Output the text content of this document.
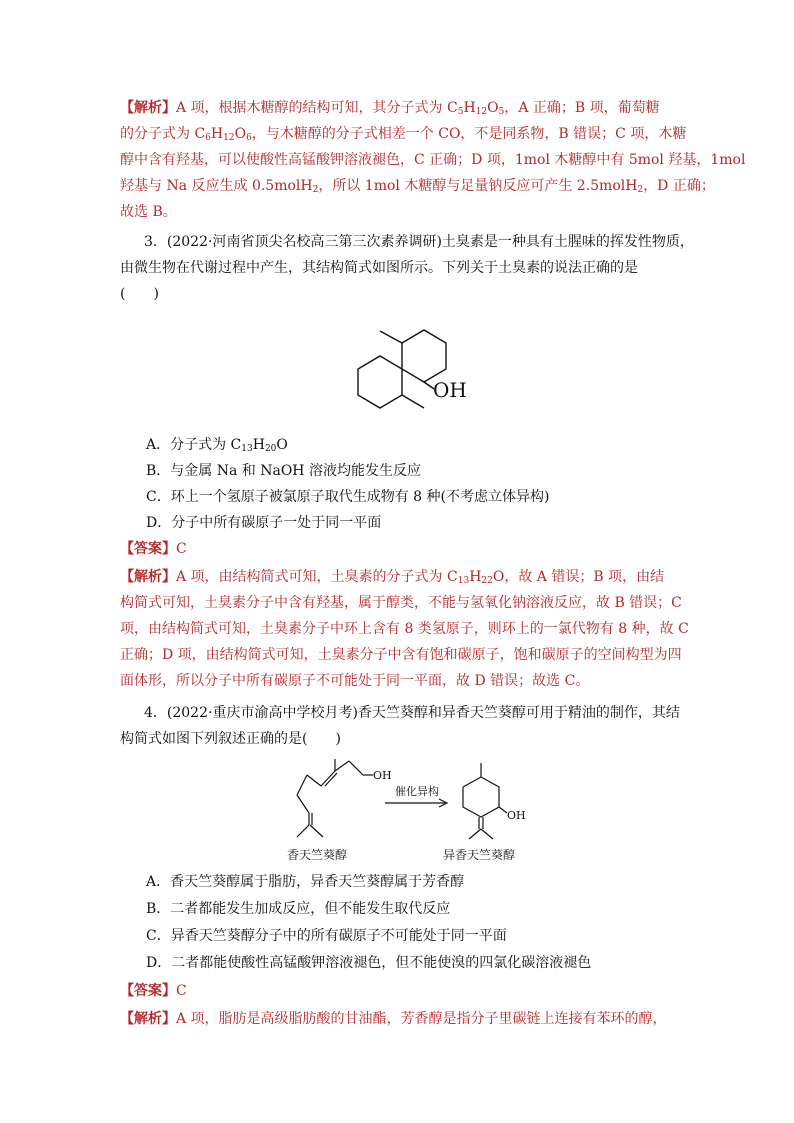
【解析】A 项，根据木糖醇的结构可知，其分子式为 $C_5H_{12}O_5$，A 正确；B 项，葡萄糖
的分子式为 $C_6H_{12}O_6$，与木糖醇的分子式相差一个 CO，不是同系物，B 错误；C 项，木糖
醇中含有羟基，可以使酸性高锰酸钾溶液褪色，C 正确；D 项，1mol 木糖醇中有 5mol 羟基，1mol
羟基与 Na 反应生成 0.5molH$_2$，所以 1mol 木糖醇与足量钠反应可产生 2.5molH$_2$，D 正确；
故选 B。
3．(2022·河南省顶尖名校高三第三次素养调研)土臭素是一种具有土腥味的挥发性物质，
由微生物在代谢过程中产生，其结构简式如图所示。下列关于土臭素的说法正确的是
(　　)
OH
A．分子式为 $C_{13}H_{20}O$
B．与金属 Na 和 NaOH 溶液均能发生反应
C．环上一个氢原子被氯原子取代生成物有 8 种(不考虑立体异构)
D．分子中所有碳原子一处于同一平面
【答案】C
【解析】A 项，由结构简式可知，土臭素的分子式为 $C_{13}H_{22}O$，故 A 错误；B 项，由结
构简式可知，土臭素分子中含有羟基，属于醇类，不能与氢氧化钠溶液反应，故 B 错误；C
项，由结构简式可知，土臭素分子中环上含有 8 类氢原子，则环上的一氯代物有 8 种，故 C
正确；D 项，由结构简式可知，土臭素分子中含有饱和碳原子，饱和碳原子的空间构型为四
面体形，所以分子中所有碳原子不可能处于同一平面，故 D 错误；故选 C。
4．(2022·重庆市渝高中学校月考)香天竺葵醇和异香天竺葵醇可用于精油的制作，其结
构简式如图下列叙述正确的是(　　)
OH
催化异构
OH
香天竺葵醇	异香天竺葵醇
A．香天竺葵醇属于脂肪，异香天竺葵醇属于芳香醇
B．二者都能发生加成反应，但不能发生取代反应
C．异香天竺葵醇分子中的所有碳原子不可能处于同一平面
D．二者都能使酸性高锰酸钾溶液褪色，但不能使溴的四氯化碳溶液褪色
【答案】C
【解析】A 项，脂肪是高级脂肪酸的甘油酯，芳香醇是指分子里碳链上连接有苯环的醇，
